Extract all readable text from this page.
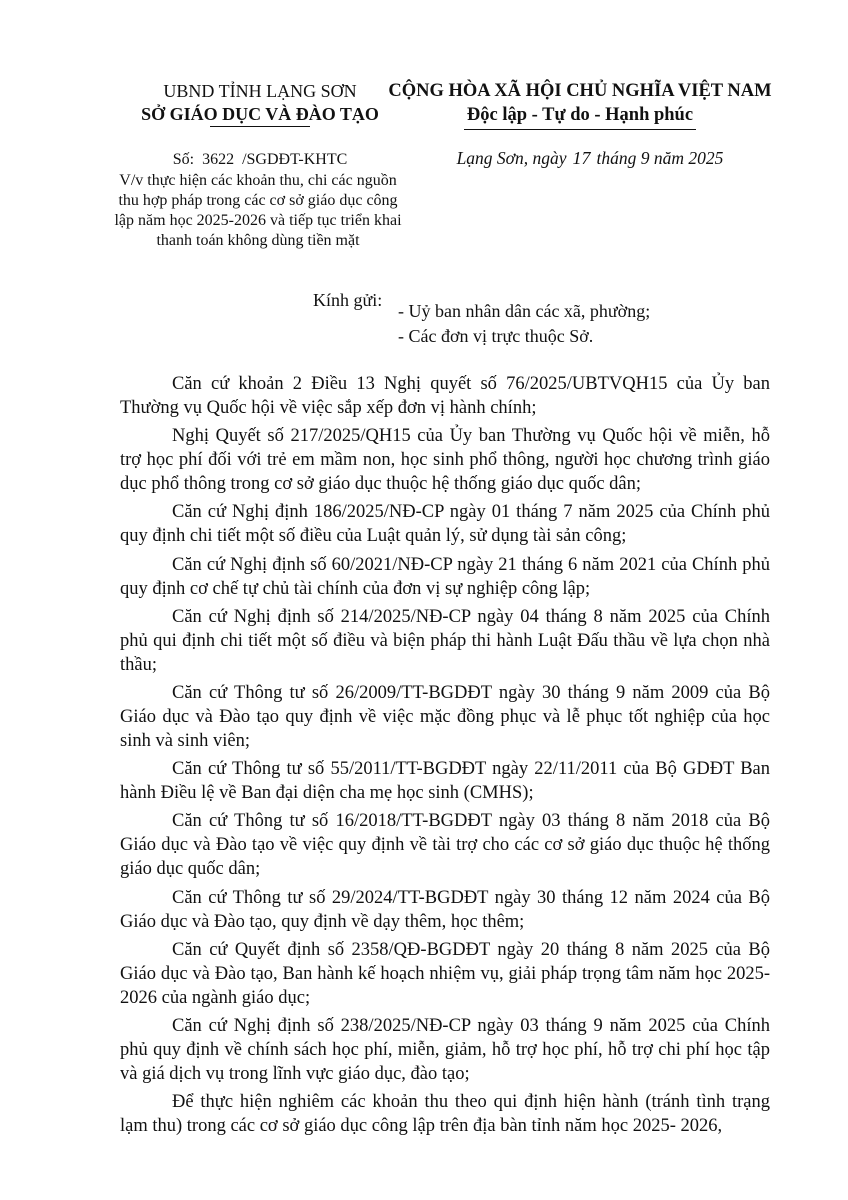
UBND TỈNH LẠNG SƠN
SỞ GIÁO DỤC VÀ ĐÀO TẠO
CỘNG HÒA XÃ HỘI CHỦ NGHĨA VIỆT NAM
Độc lập - Tự do - Hạnh phúc
Số:  3622  /SGDĐT-KHTC
V/v thực hiện các khoản thu, chi các nguồn thu hợp pháp trong các cơ sở giáo dục công lập năm học 2025-2026 và tiếp tục triển khai thanh toán không dùng tiền mặt
Lạng Sơn, ngày 17 tháng 9 năm 2025
Kính gửi:
- Uỷ ban nhân dân các xã, phường;
- Các đơn vị trực thuộc Sở.

Căn cứ khoản 2 Điều 13 Nghị quyết số 76/2025/UBTVQH15 của Ủy ban Thường vụ Quốc hội về việc sắp xếp đơn vị hành chính;

Nghị Quyết số 217/2025/QH15 của Ủy ban Thường vụ Quốc hội về miễn, hỗ trợ học phí đối với trẻ em mầm non, học sinh phổ thông, người học chương trình giáo dục phổ thông trong cơ sở giáo dục thuộc hệ thống giáo dục quốc dân;

Căn cứ Nghị định 186/2025/NĐ-CP ngày 01 tháng 7 năm 2025 của Chính phủ quy định chi tiết một số điều của Luật quản lý, sử dụng tài sản công;

Căn cứ Nghị định số 60/2021/NĐ-CP ngày 21 tháng 6 năm 2021 của Chính phủ quy định cơ chế tự chủ tài chính của đơn vị sự nghiệp công lập;

Căn cứ Nghị định số 214/2025/NĐ-CP ngày 04 tháng 8 năm 2025 của Chính phủ qui định chi tiết một số điều và biện pháp thi hành Luật Đấu thầu về lựa chọn nhà thầu;

Căn cứ Thông tư số 26/2009/TT-BGDĐT ngày 30 tháng 9 năm 2009 của Bộ Giáo dục và Đào tạo quy định về việc mặc đồng phục và lễ phục tốt nghiệp của học sinh và sinh viên;

Căn cứ Thông tư số 55/2011/TT-BGDĐT ngày 22/11/2011 của Bộ GDĐT Ban hành Điều lệ về Ban đại diện cha mẹ học sinh (CMHS);

Căn cứ Thông tư số 16/2018/TT-BGDĐT ngày 03 tháng 8 năm 2018 của Bộ Giáo dục và Đào tạo về việc quy định về tài trợ cho các cơ sở giáo dục thuộc hệ thống giáo dục quốc dân;

Căn cứ Thông tư số 29/2024/TT-BGDĐT ngày 30 tháng 12 năm 2024 của Bộ Giáo dục và Đào tạo, quy định về dạy thêm, học thêm;

Căn cứ Quyết định số 2358/QĐ-BGDĐT ngày 20 tháng 8 năm 2025 của Bộ Giáo dục và Đào tạo, Ban hành kế hoạch nhiệm vụ, giải pháp trọng tâm năm học 2025-2026 của ngành giáo dục;

Căn cứ Nghị định số 238/2025/NĐ-CP ngày 03 tháng 9 năm 2025 của Chính phủ quy định về chính sách học phí, miễn, giảm, hỗ trợ học phí, hỗ trợ chi phí học tập và giá dịch vụ trong lĩnh vực giáo dục, đào tạo;

Để thực hiện nghiêm các khoản thu theo qui định hiện hành (tránh tình trạng lạm thu) trong các cơ sở giáo dục công lập trên địa bàn tỉnh năm học 2025- 2026,
